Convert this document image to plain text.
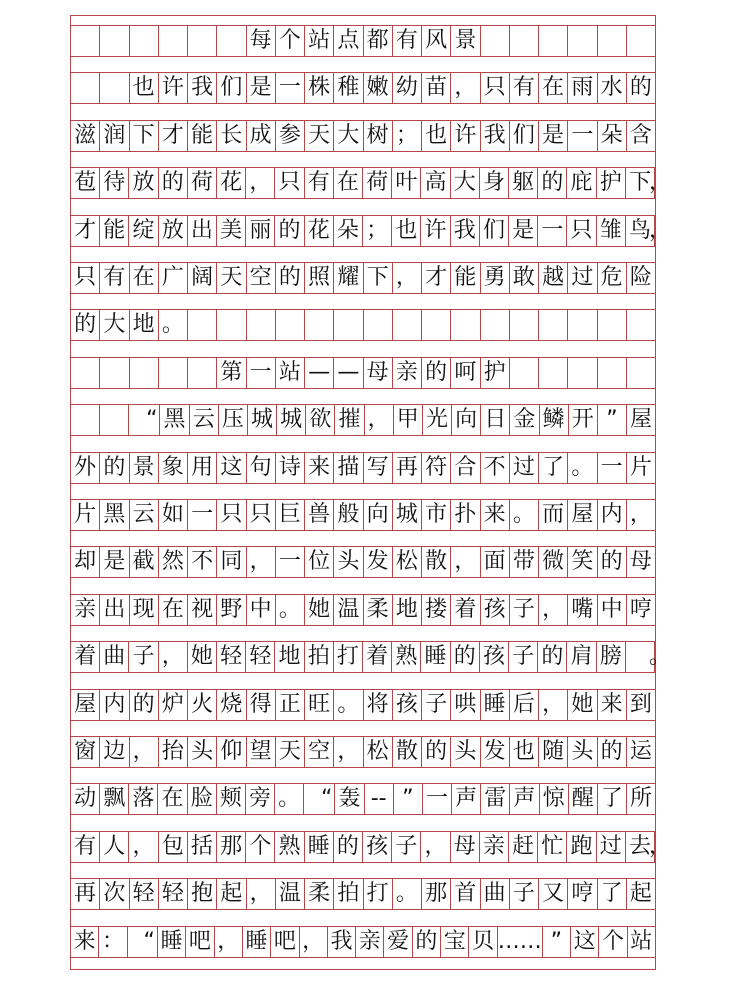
每 个 站 点 都 有 风 景
也 许 我 们 是 一 株 稚 嫩 幼 苗 ， 只 有 在 雨 水 的
滋 润 下 才 能 长 成 参 天 大 树 ； 也 许 我 们 是 一 朵 含
苞 待 放 的 荷 花 ， 只 有 在 荷 叶 高 大 身 躯 的 庇 护 下
，
才 能 绽 放 出 美 丽 的 花 朵 ； 也 许 我 们 是 一 只 雏 鸟
，
只 有 在 广 阔 天 空 的 照 耀 下 ， 才 能 勇 敢 越 过 危 险
的 大 地 。
第 一 站 — — 母 亲 的 呵 护
“ 黑 云 压 城 城 欲 摧 ， 甲 光 向 日 金 鳞 开 ” 屋
外 的 景 象 用 这 句 诗 来 描 写 再 符 合 不 过 了 。 一 片
片 黑 云 如 一 只 只 巨 兽 般 向 城 市 扑 来 。 而 屋 内 ，
却 是 截 然 不 同 ， 一 位 头 发 松 散 ， 面 带 微 笑 的 母
亲 出 现 在 视 野 中 。 她 温 柔 地 搂 着 孩 子 ， 嘴 中 哼
着 曲 子 ， 她 轻 轻 地 拍 打 着 熟 睡 的 孩 子 的 肩 膀 。
屋 内 的 炉 火 烧 得 正 旺 。 将 孩 子 哄 睡 后 ， 她 来 到
窗 边 ， 抬 头 仰 望 天 空 ， 松 散 的 头 发 也 随 头 的 运
动 飘 落 在 脸 颊 旁 。 “ 轰 -- ” 一 声 雷 声 惊 醒 了 所
有 人 ， 包 括 那 个 熟 睡 的 孩 子 ， 母 亲 赶 忙 跑 过 去
，
再 次 轻 轻 抱 起 ， 温 柔 拍 打 。 那 首 曲 子 又 哼 了 起
来 ： “ 睡 吧 ， 睡 吧 ， 我 亲 爱 的 宝 贝 …… ” 这 个 站
